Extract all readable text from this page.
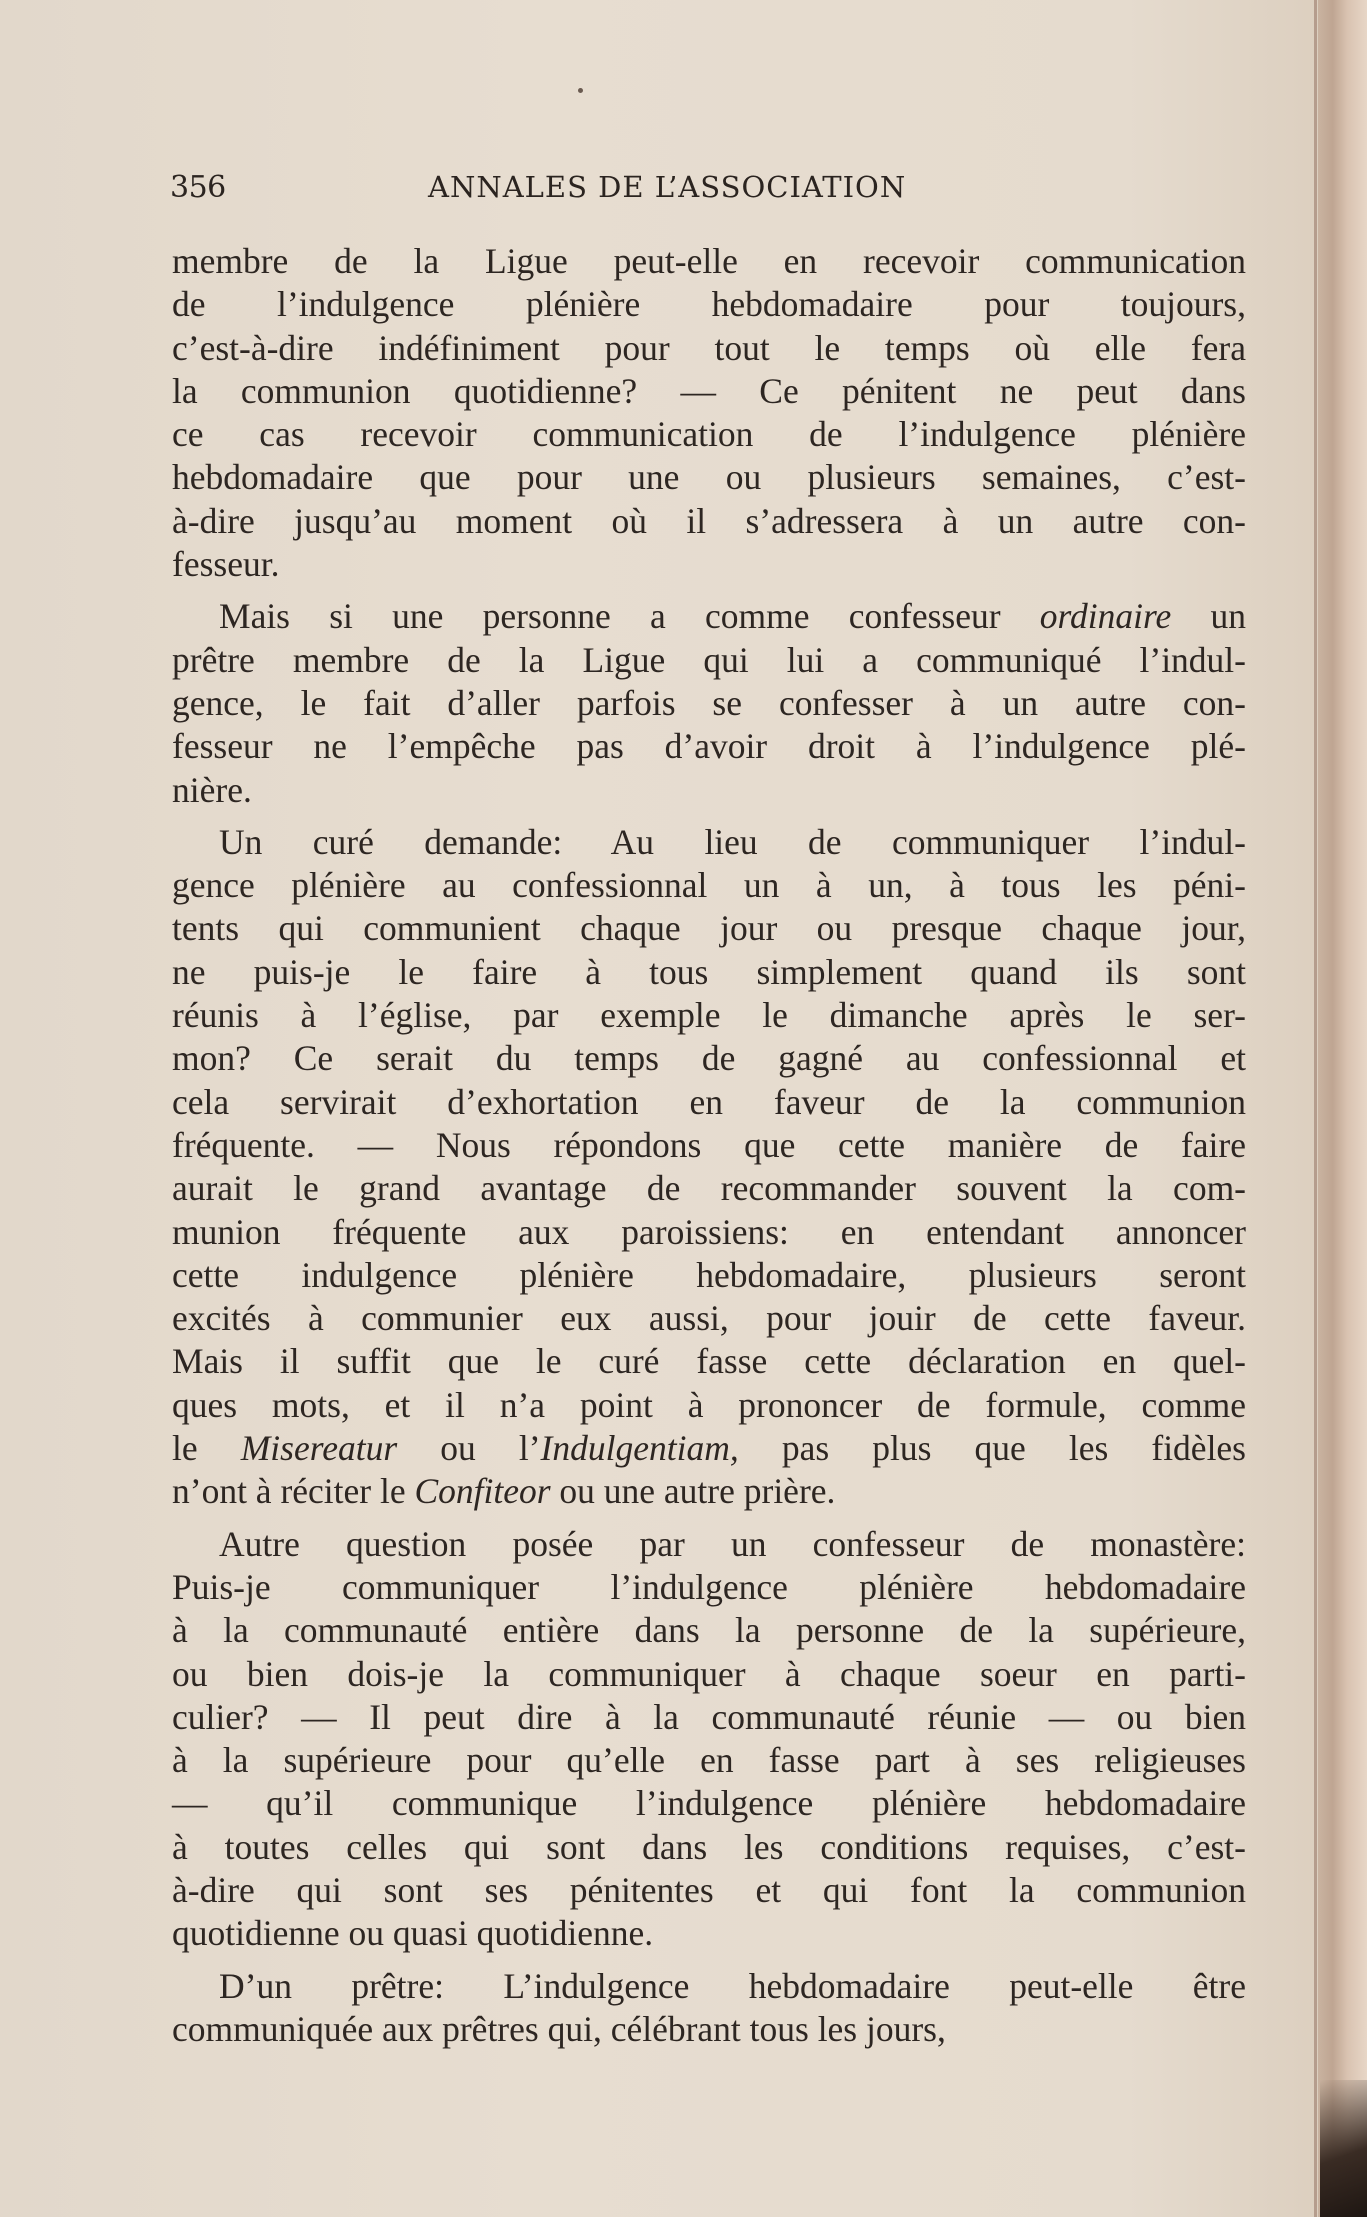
356	ANNALES DE L’ASSOCIATION
membre de la Ligue peut-elle en recevoir communication
de l’indulgence plénière hebdomadaire pour toujours,
c’est-à-dire indéfiniment pour tout le temps où elle fera
la communion quotidienne? — Ce pénitent ne peut dans
ce cas recevoir communication de l’indulgence plénière
hebdomadaire que pour une ou plusieurs semaines, c’est-
à-dire jusqu’au moment où il s’adressera à un autre con-
fesseur.
Mais si une personne a comme confesseur ordinaire un
prêtre membre de la Ligue qui lui a communiqué l’indul-
gence, le fait d’aller parfois se confesser à un autre con-
fesseur ne l’empêche pas d’avoir droit à l’indulgence plé-
nière.
Un curé demande: Au lieu de communiquer l’indul-
gence plénière au confessionnal un à un, à tous les péni-
tents qui communient chaque jour ou presque chaque jour,
ne puis-je le faire à tous simplement quand ils sont
réunis à l’église, par exemple le dimanche après le ser-
mon? Ce serait du temps de gagné au confessionnal et
cela servirait d’exhortation en faveur de la communion
fréquente. — Nous répondons que cette manière de faire
aurait le grand avantage de recommander souvent la com-
munion fréquente aux paroissiens: en entendant annoncer
cette indulgence plénière hebdomadaire, plusieurs seront
excités à communier eux aussi, pour jouir de cette faveur.
Mais il suffit que le curé fasse cette déclaration en quel-
ques mots, et il n’a point à prononcer de formule, comme
le Misereatur ou l’Indulgentiam, pas plus que les fidèles
n’ont à réciter le Confiteor ou une autre prière.
Autre question posée par un confesseur de monastère:
Puis-je communiquer l’indulgence plénière hebdomadaire
à la communauté entière dans la personne de la supérieure,
ou bien dois-je la communiquer à chaque soeur en parti-
culier? — Il peut dire à la communauté réunie — ou bien
à la supérieure pour qu’elle en fasse part à ses religieuses
— qu’il communique l’indulgence plénière hebdomadaire
à toutes celles qui sont dans les conditions requises, c’est-
à-dire qui sont ses pénitentes et qui font la communion
quotidienne ou quasi quotidienne.
D’un prêtre: L’indulgence hebdomadaire peut-elle être
communiquée aux prêtres qui, célébrant tous les jours,
